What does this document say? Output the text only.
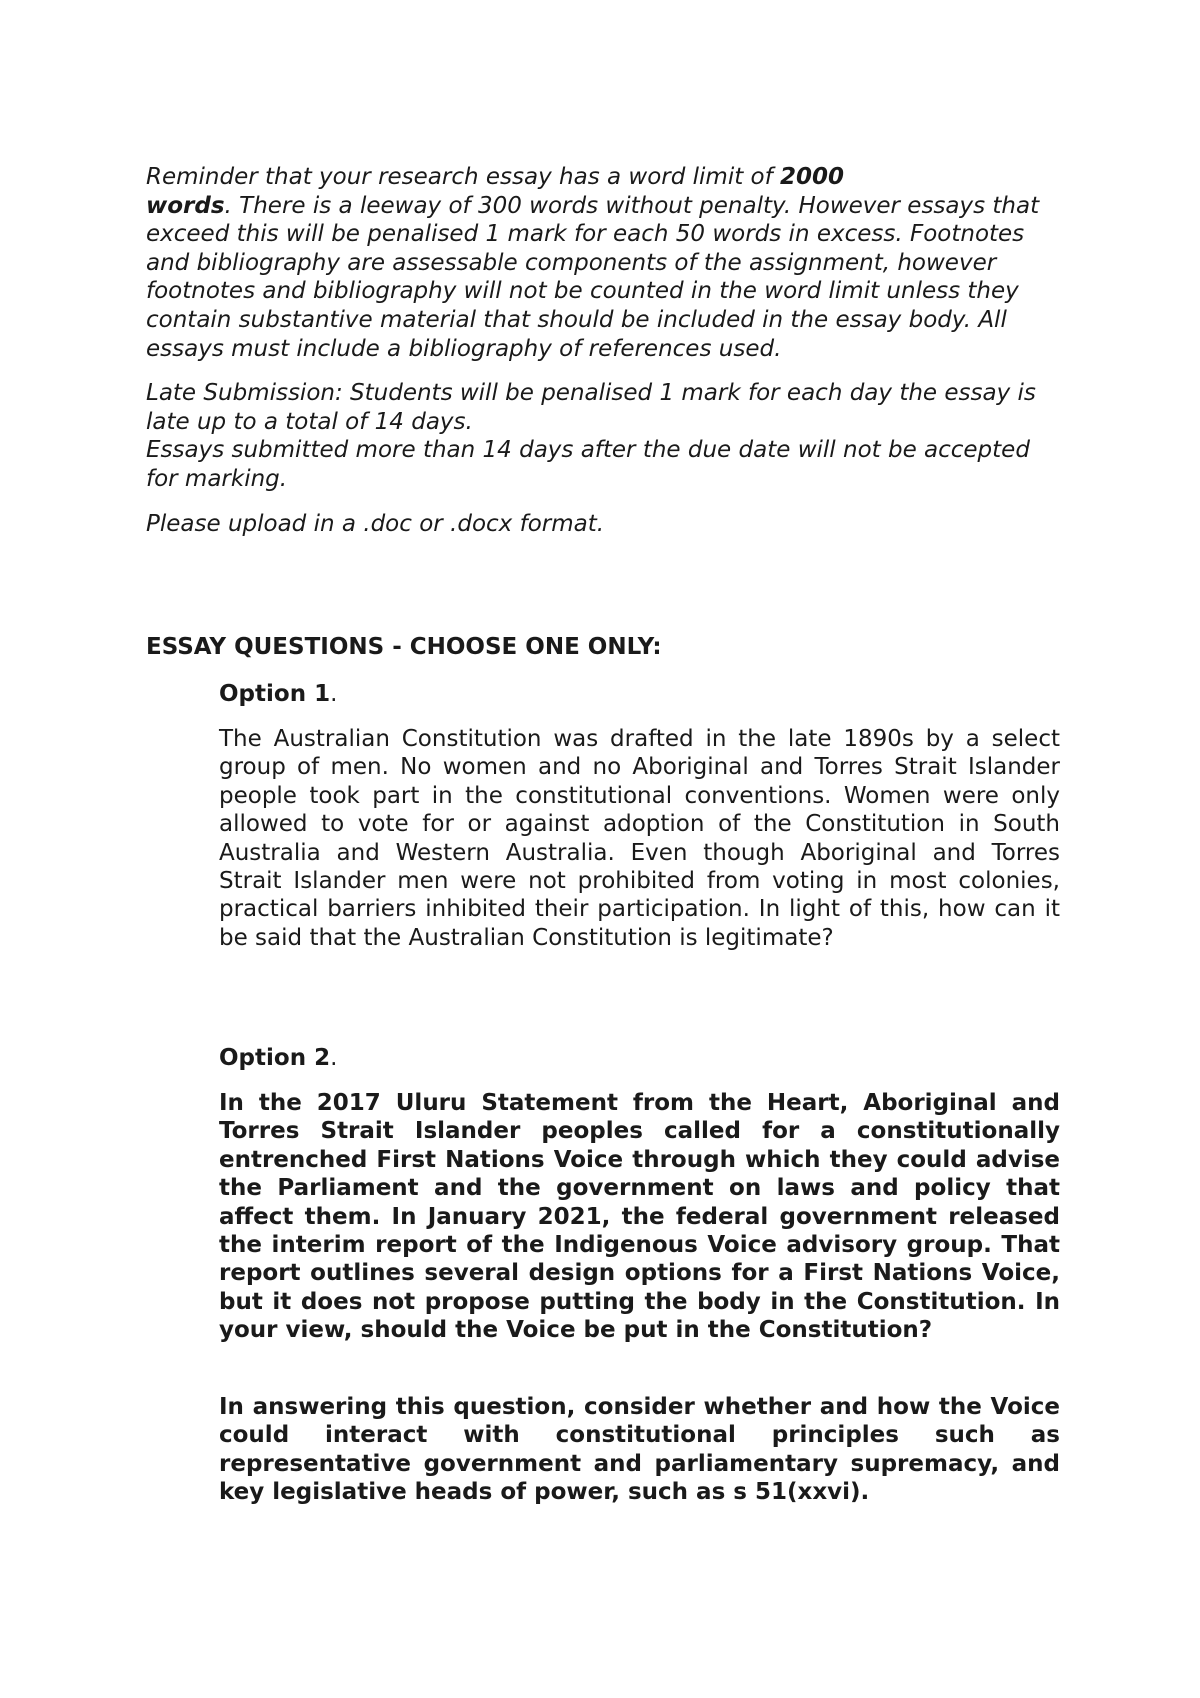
Reminder that your research essay has a word limit of 2000
words. There is a leeway of 300 words without penalty. However essays that exceed this will be penalised 1 mark for each 50 words in excess. Footnotes and bibliography are assessable components of the assignment, however footnotes and bibliography will not be counted in the word limit unless they contain substantive material that should be included in the essay body. All essays must include a bibliography of references used.

Late Submission: Students will be penalised 1 mark for each day the essay is late up to a total of 14 days.
Essays submitted more than 14 days after the due date will not be accepted for marking.

Please upload in a .doc or .docx format.

ESSAY QUESTIONS - CHOOSE ONE ONLY:

Option 1.

The Australian Constitution was drafted in the late 1890s by a select group of men. No women and no Aboriginal and Torres Strait Islander people took part in the constitutional conventions. Women were only allowed to vote for or against adoption of the Constitution in South Australia and Western Australia. Even though Aboriginal and Torres Strait Islander men were not prohibited from voting in most colonies, practical barriers inhibited their participation. In light of this, how can it be said that the Australian Constitution is legitimate?

Option 2.

In the 2017 Uluru Statement from the Heart, Aboriginal and Torres Strait Islander peoples called for a constitutionally entrenched First Nations Voice through which they could advise the Parliament and the government on laws and policy that affect them. In January 2021, the federal government released the interim report of the Indigenous Voice advisory group. That report outlines several design options for a First Nations Voice, but it does not propose putting the body in the Constitution. In your view, should the Voice be put in the Constitution?

In answering this question, consider whether and how the Voice could interact with constitutional principles such as representative government and parliamentary supremacy, and key legislative heads of power, such as s 51(xxvi).
